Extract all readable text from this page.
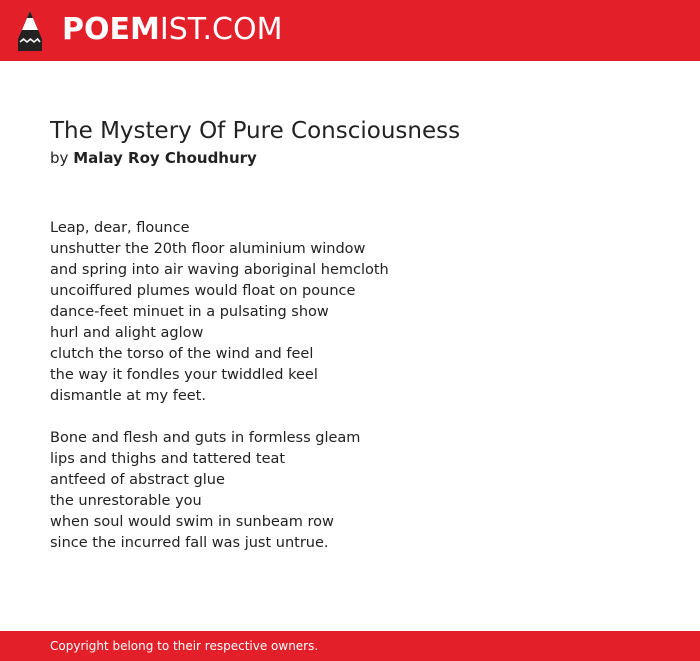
POEMIST.COM
The Mystery Of Pure Consciousness
by Malay Roy Choudhury

Leap, dear, flounce
unshutter the 20th floor aluminium window
and spring into air waving aboriginal hemcloth
uncoiffured plumes would float on pounce
dance-feet minuet in a pulsating show
hurl and alight aglow
clutch the torso of the wind and feel
the way it fondles your twiddled keel
dismantle at my feet.

Bone and flesh and guts in formless gleam
lips and thighs and tattered teat
antfeed of abstract glue
the unrestorable you
when soul would swim in sunbeam row
since the incurred fall was just untrue.

Copyright belong to their respective owners.
